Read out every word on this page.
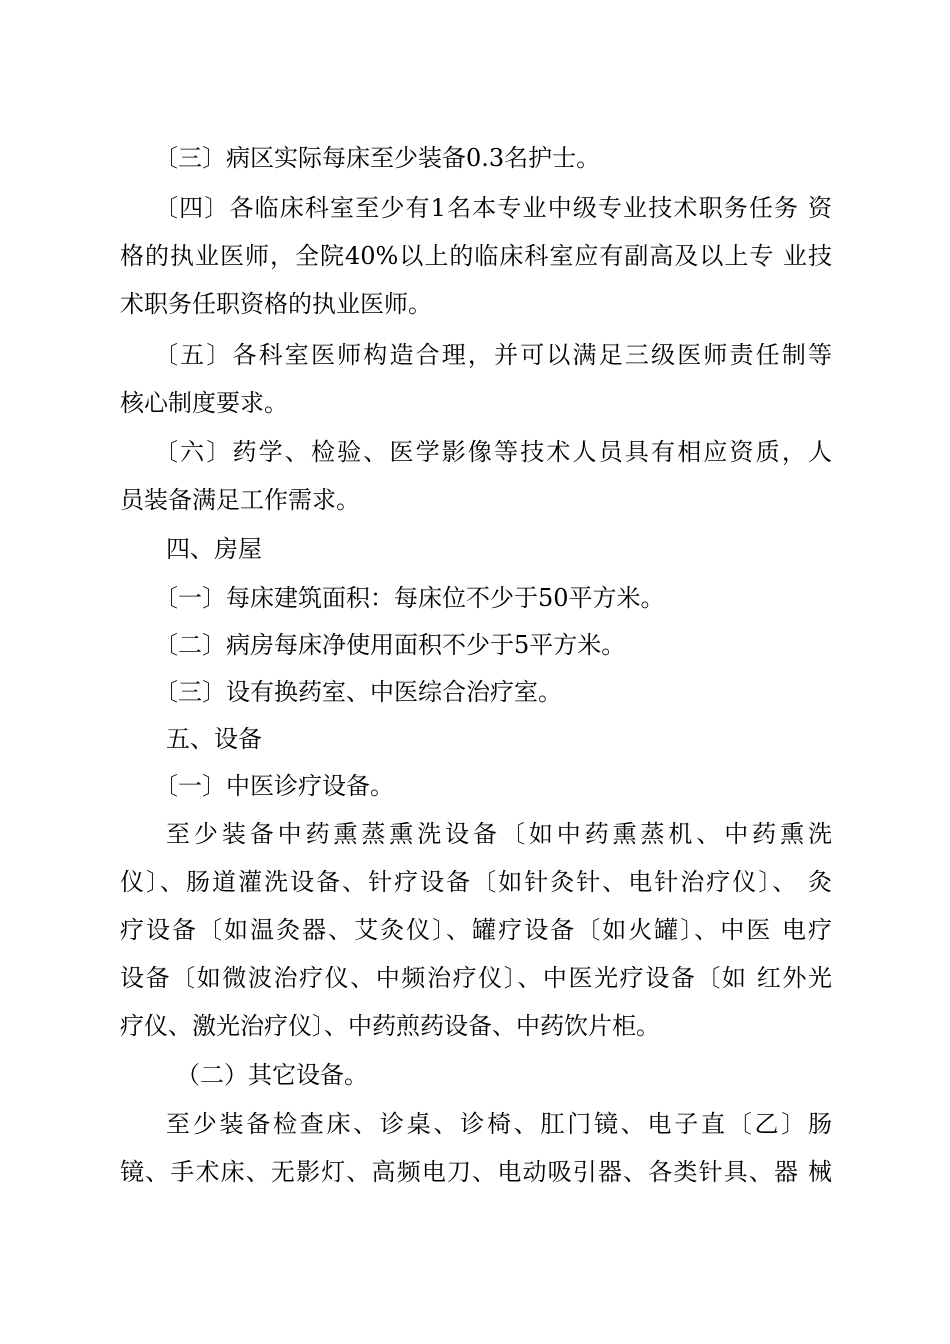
〔三〕病区实际每床至少装备0.3名护士。
〔四〕各临床科室至少有1名本专业中级专业技术职务任务 资
格的执业医师，全院40%以上的临床科室应有副高及以上专 业技
术职务任职资格的执业医师。
〔五〕各科室医师构造合理，并可以满足三级医师责任制等
核心制度要求。
〔六〕药学、检验、医学影像等技术人员具有相应资质，人
员装备满足工作需求。
四、房屋
〔一〕每床建筑面积：每床位不少于50平方米。
〔二〕病房每床净使用面积不少于5平方米。
〔三〕设有换药室、中医综合治疗室。
五、设备
〔一〕中医诊疗设备。
至少装备中药熏蒸熏洗设备〔如中药熏蒸机、中药熏洗
仪〕、肠道灌洗设备、针疗设备〔如针灸针、电针治疗仪〕、 灸
疗设备〔如温灸器、艾灸仪〕、罐疗设备〔如火罐〕、中医 电疗
设备〔如微波治疗仪、中频治疗仪〕、中医光疗设备〔如 红外光
疗仪、激光治疗仪〕、中药煎药设备、中药饮片柜。
（二）其它设备。
至少装备检查床、诊桌、诊椅、肛门镜、电子直〔乙〕肠
镜、手术床、无影灯、高频电刀、电动吸引器、各类针具、器 械
